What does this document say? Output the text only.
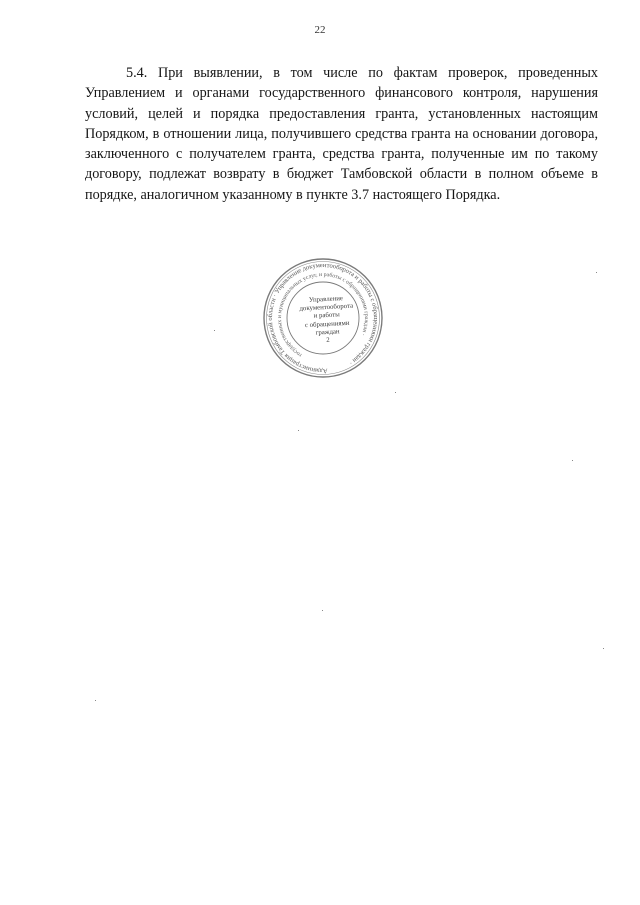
22

5.4. При выявлении, в том числе по фактам проверок, проведенных Управлением и органами государственного финансового контроля, нарушения условий, целей и порядка предоставления гранта, установленных настоящим Порядком, в отношении лица, получившего средства гранта на основании договора, заключенного с получателем гранта, средства гранта, полученные им по такому договору, подлежат возврату в бюджет Тамбовской области в полном объеме в порядке, аналогичном указанному в пункте 3.7 настоящего Порядка.

Администрация Тамбовской области · Управление документооборота и работы с обращениями граждан ·
государственных и муниципальных услуг, и работы с обращениями граждан ·
Управление
документооборота
и работы
с обращениями
граждан
2
